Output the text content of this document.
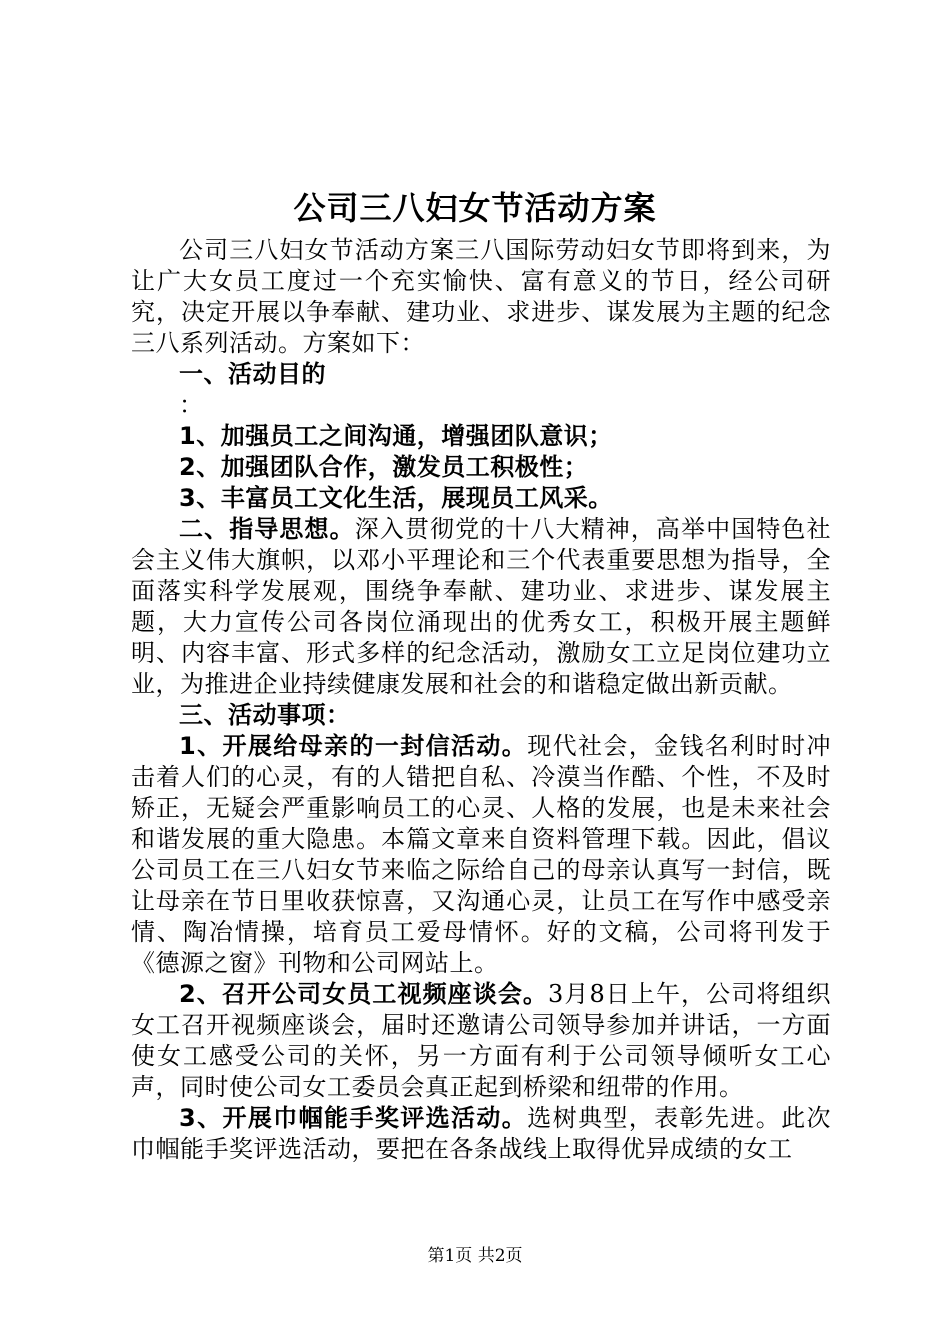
公司三八妇女节活动方案

公司三八妇女节活动方案三八国际劳动妇女节即将到来，为让广大女员工度过一个充实愉快、富有意义的节日，经公司研究，决定开展以争奉献、建功业、求进步、谋发展为主题的纪念三八系列活动。方案如下：

一、活动目的

：

1、加强员工之间沟通，增强团队意识；

2、加强团队合作，激发员工积极性；

3、丰富员工文化生活，展现员工风采。

二、指导思想。深入贯彻党的十八大精神，高举中国特色社会主义伟大旗帜，以邓小平理论和三个代表重要思想为指导，全面落实科学发展观，围绕争奉献、建功业、求进步、谋发展主题，大力宣传公司各岗位涌现出的优秀女工，积极开展主题鲜明、内容丰富、形式多样的纪念活动，激励女工立足岗位建功立业，为推进企业持续健康发展和社会的和谐稳定做出新贡献。

三、活动事项：

1、开展给母亲的一封信活动。现代社会，金钱名利时时冲击着人们的心灵，有的人错把自私、冷漠当作酷、个性，不及时矫正，无疑会严重影响员工的心灵、人格的发展，也是未来社会和谐发展的重大隐患。本篇文章来自资料管理下载。因此，倡议公司员工在三八妇女节来临之际给自己的母亲认真写一封信，既让母亲在节日里收获惊喜，又沟通心灵，让员工在写作中感受亲情、陶冶情操，培育员工爱母情怀。好的文稿，公司将刊发于《德源之窗》刊物和公司网站上。

2、召开公司女员工视频座谈会。3月8日上午，公司将组织女工召开视频座谈会，届时还邀请公司领导参加并讲话，一方面使女工感受公司的关怀，另一方面有利于公司领导倾听女工心声，同时使公司女工委员会真正起到桥梁和纽带的作用。

3、开展巾帼能手奖评选活动。选树典型，表彰先进。此次巾帼能手奖评选活动，要把在各条战线上取得优异成绩的女工

第1页 共2页
